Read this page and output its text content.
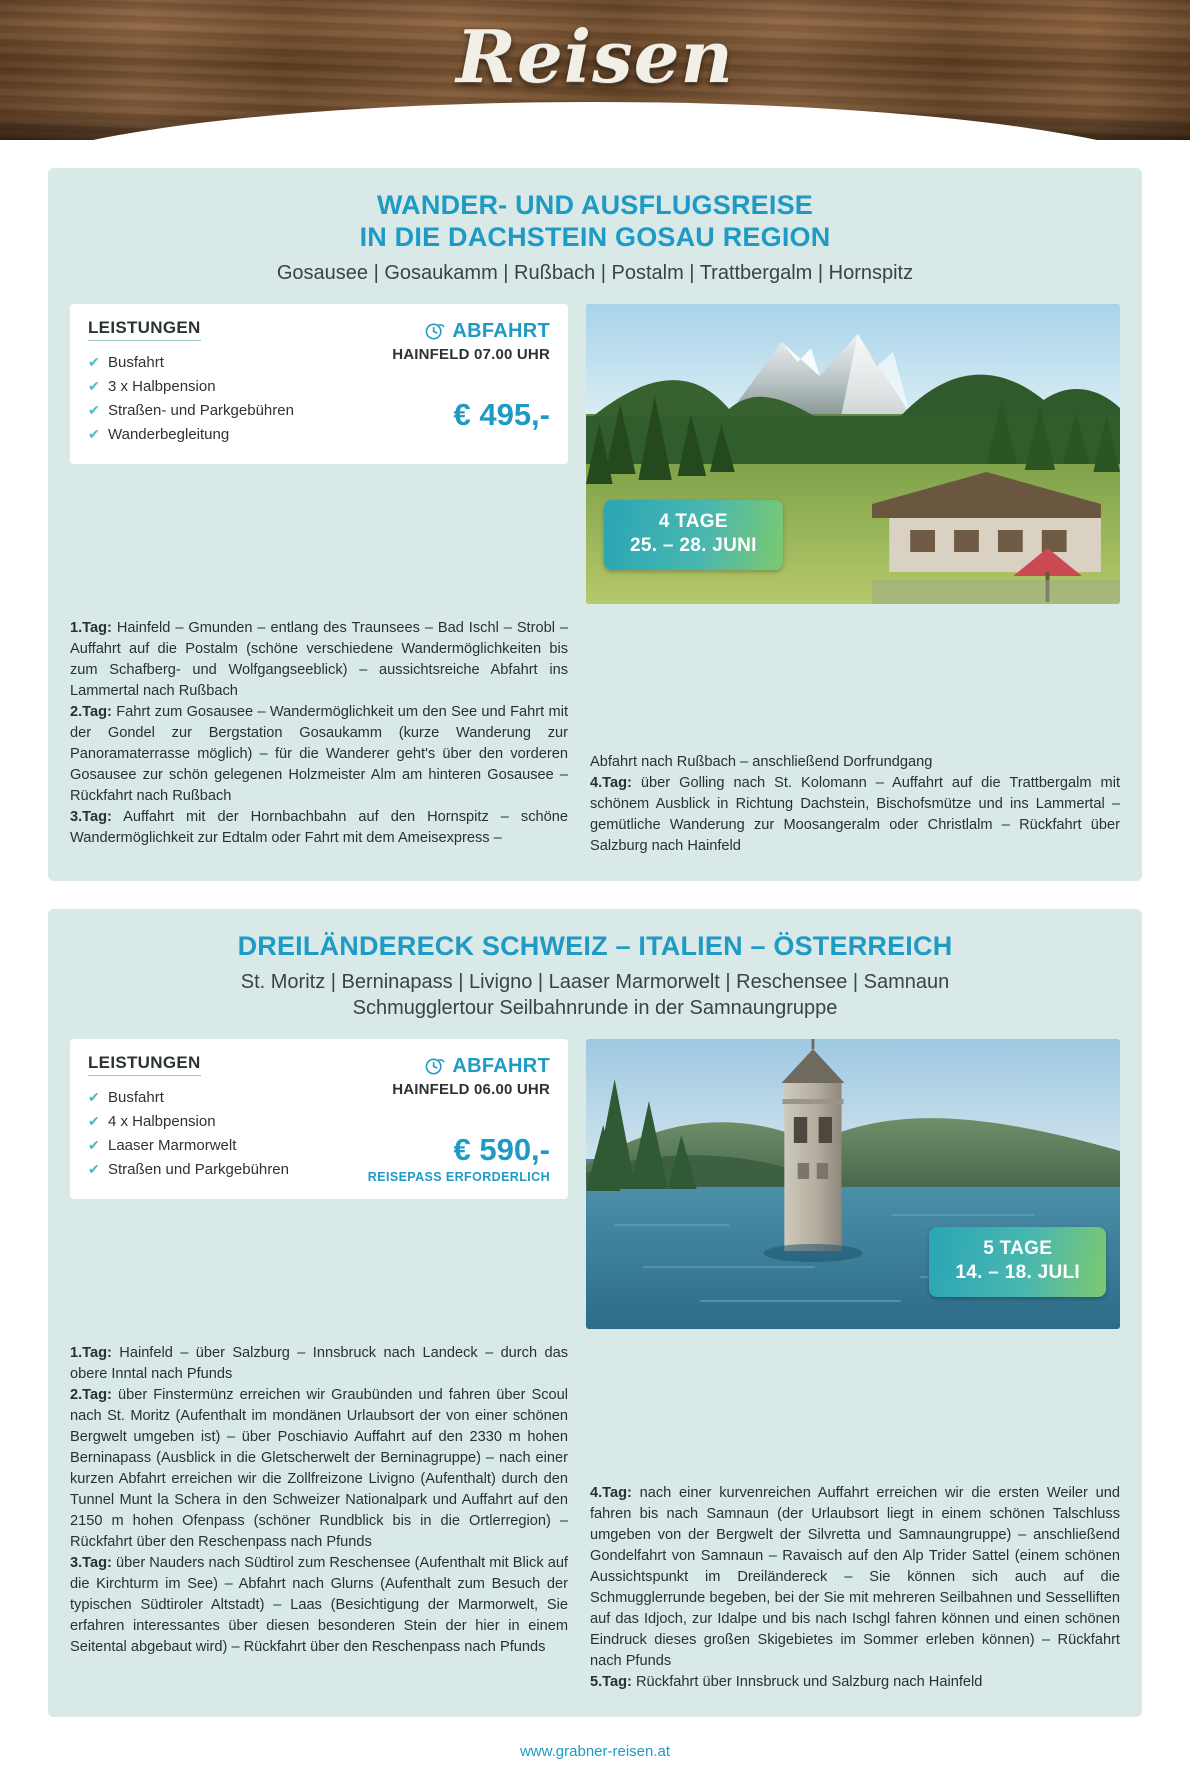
Reisen
WANDER- UND AUSFLUGSREISE
IN DIE DACHSTEIN GOSAU REGION
Gosausee | Gosaukamm | Rußbach | Postalm | Trattbergalm | Hornspitz
LEISTUNGEN
✔ Busfahrt
✔ 3 x Halbpension
✔ Straßen- und Parkgebühren
✔ Wanderbegleitung
ABFAHRT
HAINFELD 07.00 UHR
€ 495,-
4 TAGE
25. – 28. JUNI

1.Tag: Hainfeld – Gmunden – entlang des Traunsees – Bad Ischl – Strobl – Auffahrt auf die Postalm (schöne verschiedene Wandermöglichkeiten bis zum Schafberg- und Wolfgangseeblick) – aussichtsreiche Abfahrt ins Lammertal nach Rußbach
2.Tag: Fahrt zum Gosausee – Wandermöglichkeit um den See und Fahrt mit der Gondel zur Bergstation Gosaukamm (kurze Wanderung zur Panoramaterrasse möglich) – für die Wanderer geht's über den vorderen Gosausee zur schön gelegenen Holzmeister Alm am hinteren Gosausee – Rückfahrt nach Rußbach
3.Tag: Auffahrt mit der Hornbachbahn auf den Hornspitz – schöne Wandermöglichkeit zur Edtalm oder Fahrt mit dem Ameisexpress –

Abfahrt nach Rußbach – anschließend Dorfrundgang
4.Tag: über Golling nach St. Kolomann – Auffahrt auf die Trattbergalm mit schönem Ausblick in Richtung Dachstein, Bischofsmütze und ins Lammertal – gemütliche Wanderung zur Moosangeralm oder Christlalm – Rückfahrt über Salzburg nach Hainfeld

DREILÄNDERECK SCHWEIZ – ITALIEN – ÖSTERREICH
St. Moritz | Berninapass | Livigno | Laaser Marmorwelt | Reschensee | Samnaun
Schmugglertour Seilbahnrunde in der Samnaungruppe
LEISTUNGEN
✔ Busfahrt
✔ 4 x Halbpension
✔ Laaser Marmorwelt
✔ Straßen und Parkgebühren
ABFAHRT
HAINFELD 06.00 UHR
€ 590,-
REISEPASS ERFORDERLICH
5 TAGE
14. – 18. JULI

1.Tag: Hainfeld – über Salzburg – Innsbruck nach Landeck – durch das obere Inntal nach Pfunds
2.Tag: über Finstermünz erreichen wir Graubünden und fahren über Scoul nach St. Moritz (Aufenthalt im mondänen Urlaubsort der von einer schönen Bergwelt umgeben ist) – über Poschiavio Auffahrt auf den 2330 m hohen Berninapass (Ausblick in die Gletscherwelt der Berninagruppe) – nach einer kurzen Abfahrt erreichen wir die Zollfreizone Livigno (Aufenthalt) durch den Tunnel Munt la Schera in den Schweizer Nationalpark und Auffahrt auf den 2150 m hohen Ofenpass (schöner Rundblick bis in die Ortlerregion) – Rückfahrt über den Reschenpass nach Pfunds
3.Tag: über Nauders nach Südtirol zum Reschensee (Aufenthalt mit Blick auf die Kirchturm im See) – Abfahrt nach Glurns (Aufenthalt zum Besuch der typischen Südtiroler Altstadt) – Laas (Besichtigung der Marmorwelt, Sie erfahren interessantes über diesen besonderen Stein der hier in einem Seitental abgebaut wird) – Rückfahrt über den Reschenpass nach Pfunds

4.Tag: nach einer kurvenreichen Auffahrt erreichen wir die ersten Weiler und fahren bis nach Samnaun (der Urlaubsort liegt in einem schönen Talschluss umgeben von der Bergwelt der Silvretta und Samnaungruppe) – anschließend Gondelfahrt von Samnaun – Ravaisch auf den Alp Trider Sattel (einem schönen Aussichtspunkt im Dreiländereck – Sie können sich auch auf die Schmugglerrunde begeben, bei der Sie mit mehreren Seilbahnen und Sesselliften auf das Idjoch, zur Idalpe und bis nach Ischgl fahren können und einen schönen Eindruck dieses großen Skigebietes im Sommer erleben können) – Rückfahrt nach Pfunds
5.Tag: Rückfahrt über Innsbruck und Salzburg nach Hainfeld

www.grabner-reisen.at
